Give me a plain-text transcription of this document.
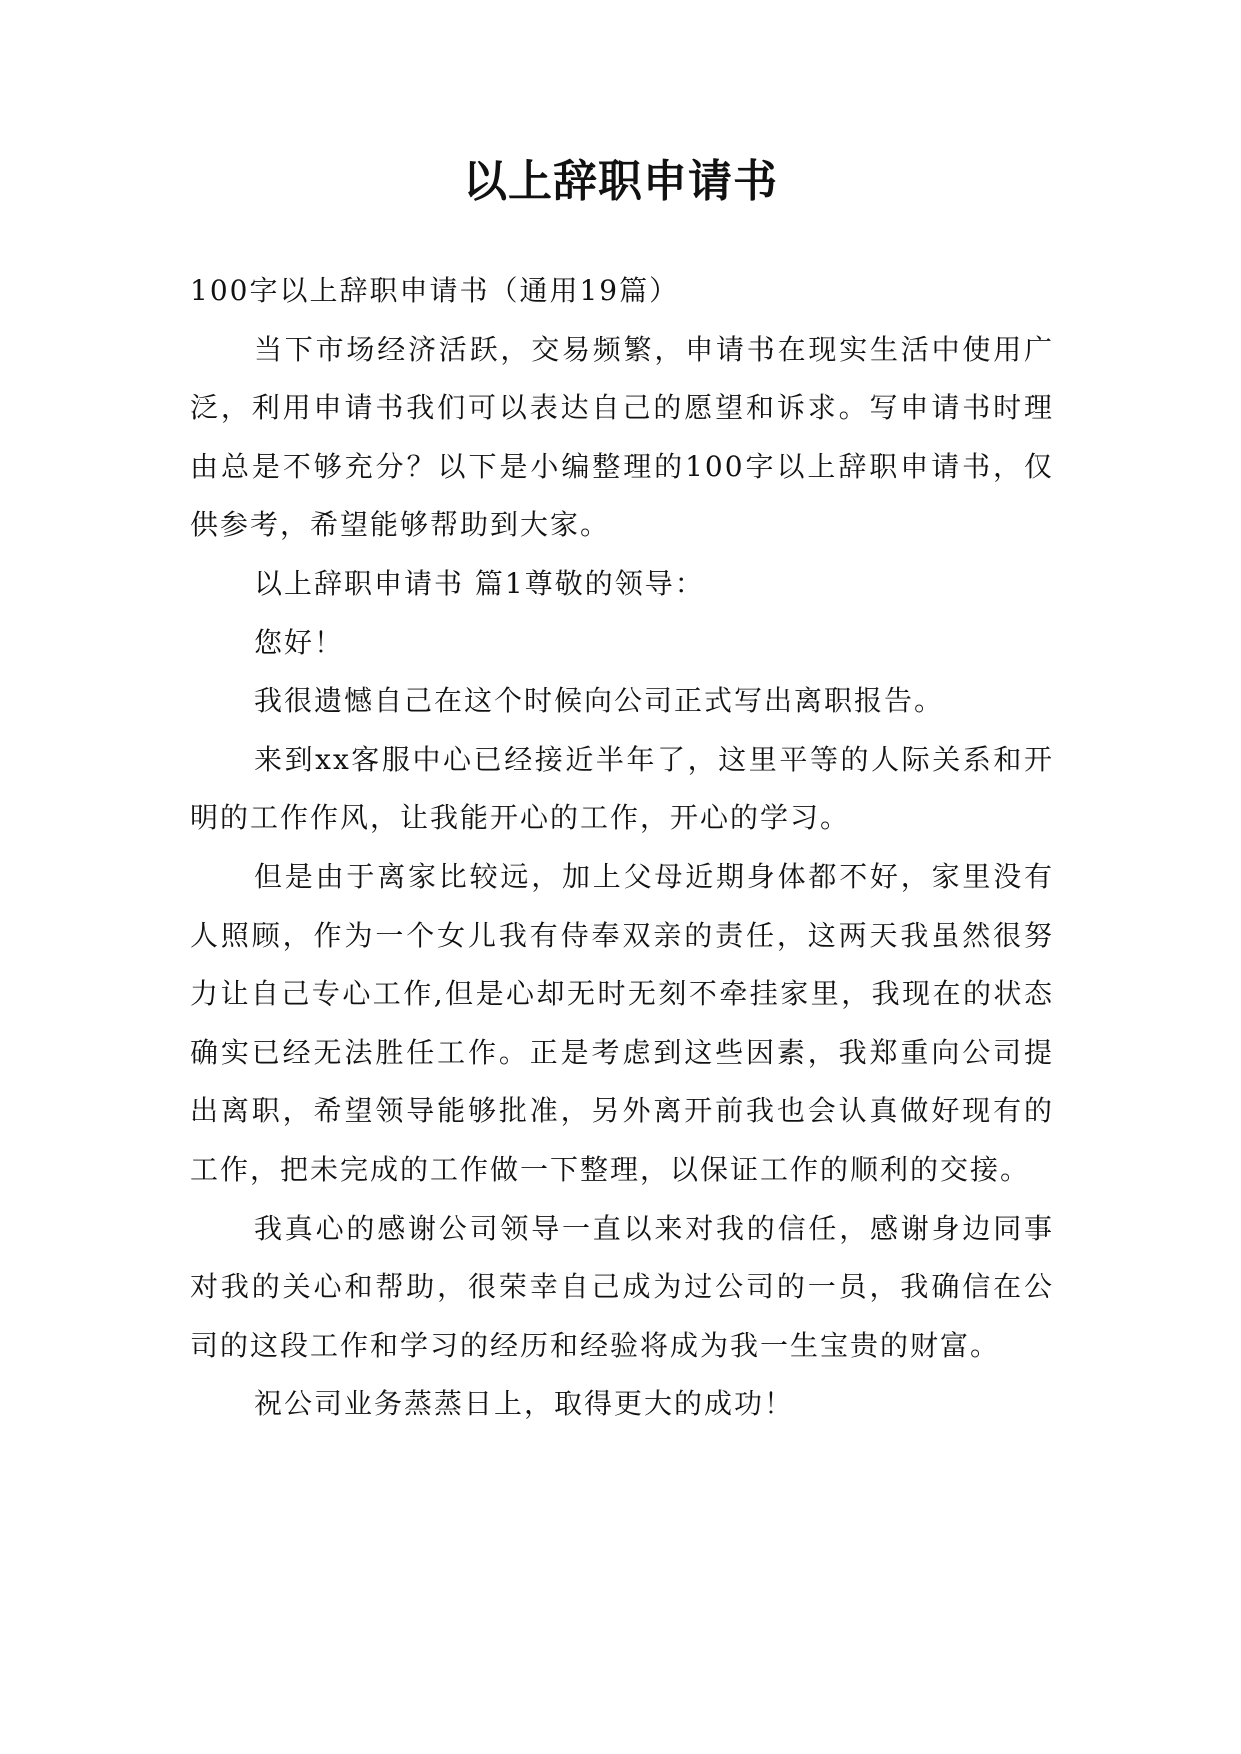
以上辞职申请书

100字以上辞职申请书（通用19篇）

当下市场经济活跃，交易频繁，申请书在现实生活中使用广泛，利用申请书我们可以表达自己的愿望和诉求。写申请书时理由总是不够充分？以下是小编整理的100字以上辞职申请书，仅供参考，希望能够帮助到大家。

以上辞职申请书 篇1尊敬的领导：

您好！

我很遗憾自己在这个时候向公司正式写出离职报告。

来到xx客服中心已经接近半年了，这里平等的人际关系和开明的工作作风，让我能开心的工作，开心的学习。

但是由于离家比较远，加上父母近期身体都不好，家里没有人照顾，作为一个女儿我有侍奉双亲的责任，这两天我虽然很努力让自己专心工作,但是心却无时无刻不牵挂家里，我现在的状态确实已经无法胜任工作。正是考虑到这些因素，我郑重向公司提出离职，希望领导能够批准，另外离开前我也会认真做好现有的工作，把未完成的工作做一下整理，以保证工作的顺利的交接。

我真心的感谢公司领导一直以来对我的信任，感谢身边同事对我的关心和帮助，很荣幸自己成为过公司的一员，我确信在公司的这段工作和学习的经历和经验将成为我一生宝贵的财富。

祝公司业务蒸蒸日上，取得更大的成功！
